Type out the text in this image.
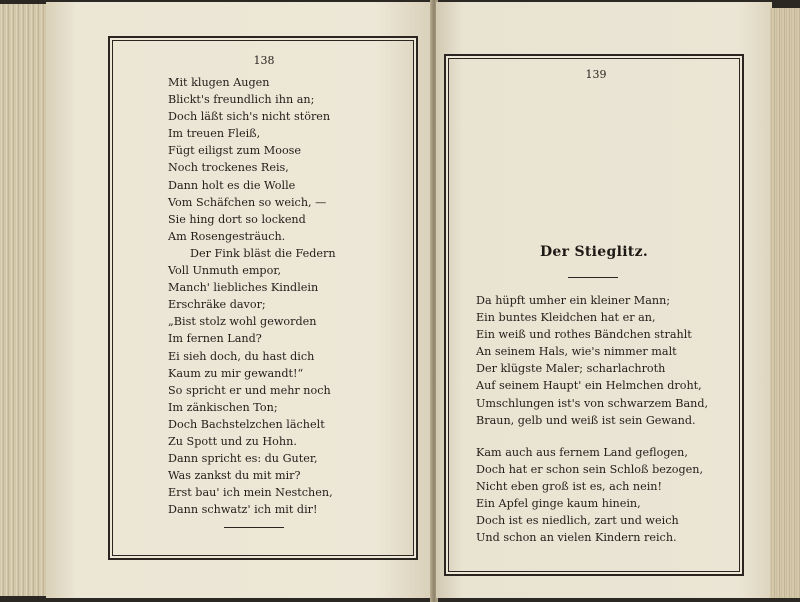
138
Mit klugen Augen
Blickt's freundlich ihn an;
Doch läßt sich's nicht stören
Im treuen Fleiß,
Fügt eiligst zum Moose
Noch trockenes Reis,
Dann holt es die Wolle
Vom Schäfchen so weich, —
Sie hing dort so lockend
Am Rosengesträuch.
Der Fink bläst die Federn
Voll Unmuth empor,
Manch' liebliches Kindlein
Erschräke davor;
„Bist stolz wohl geworden
Im fernen Land?
Ei sieh doch, du hast dich
Kaum zu mir gewandt!“
So spricht er und mehr noch
Im zänkischen Ton;
Doch Bachstelzchen lächelt
Zu Spott und zu Hohn.
Dann spricht es: du Guter,
Was zankst du mit mir?
Erst bau' ich mein Nestchen,
Dann schwatz' ich mit dir!
139
Der Stieglitz.
Da hüpft umher ein kleiner Mann;
Ein buntes Kleidchen hat er an,
Ein weiß und rothes Bändchen strahlt
An seinem Hals, wie's nimmer malt
Der klügste Maler; scharlachroth
Auf seinem Haupt' ein Helmchen droht,
Umschlungen ist's von schwarzem Band,
Braun, gelb und weiß ist sein Gewand.
Kam auch aus fernem Land geflogen,
Doch hat er schon sein Schloß bezogen,
Nicht eben groß ist es, ach nein!
Ein Apfel ginge kaum hinein,
Doch ist es niedlich, zart und weich
Und schon an vielen Kindern reich.
